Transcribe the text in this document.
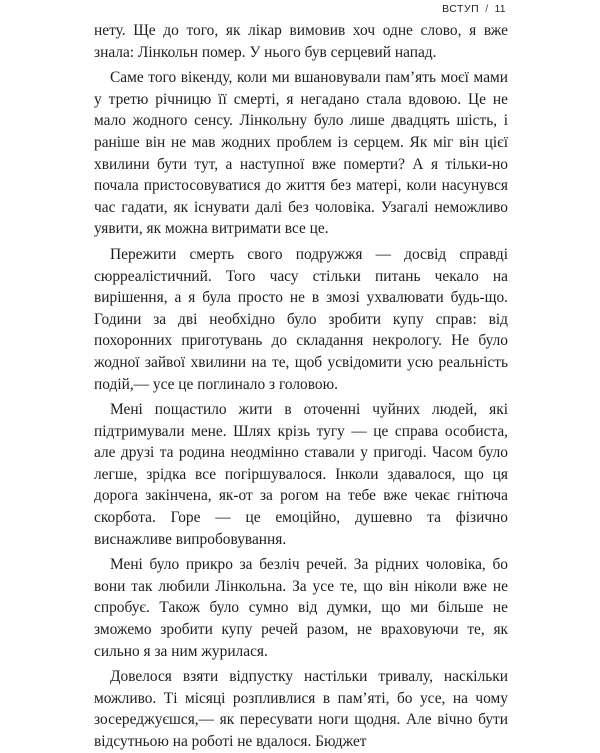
ВСТУП / 11

нету. Ще до того, як лікар вимовив хоч одне слово, я вже знала: Лінкольн помер. У нього був серцевий напад.

Саме того вікенду, коли ми вшановували пам’ять моєї мами у третю річницю її смерті, я негадано стала вдовою. Це не мало жодного сенсу. Лінкольну було лише двадцять шість, і раніше він не мав жодних проблем із серцем. Як міг він цієї хвилини бути тут, а наступної вже померти? А я тільки-но почала пристосовуватися до життя без матері, коли насунувся час гадати, як існувати далі без чоловіка. Узагалі неможливо уявити, як можна витримати все це.

Пережити смерть свого подружжя — досвід справді сюрреалістичний. Того часу стільки питань чекало на вирішення, а я була просто не в змозі ухвалювати будь-що. Години за дві необхідно було зробити купу справ: від похоронних приготувань до складання некрологу. Не було жодної зайвої хвилини на те, щоб усвідомити усю реальність подій,— усе це поглинало з головою.

Мені пощастило жити в оточенні чуйних людей, які підтримували мене. Шлях крізь тугу — це справа особиста, але друзі та родина неодмінно ставали у пригоді. Часом було легше, зрідка все погіршувалося. Інколи здавалося, що ця дорога закінчена, як-от за рогом на тебе вже чекає гнітюча скорбота. Горе — це емоційно, душевно та фізично виснажливе випробовування.

Мені було прикро за безліч речей. За рідних чоловіка, бо вони так любили Лінкольна. За усе те, що він ніколи вже не спробує. Також було сумно від думки, що ми більше не зможемо зробити купу речей разом, не враховуючи те, як сильно я за ним журилася.

Довелося взяти відпустку настільки тривалу, наскільки можливо. Ті місяці розпливлися в пам’яті, бо усе, на чому зосереджуєшся,— як пересувати ноги щодня. Але вічно бути відсутньою на роботі не вдалося. Бюджет
